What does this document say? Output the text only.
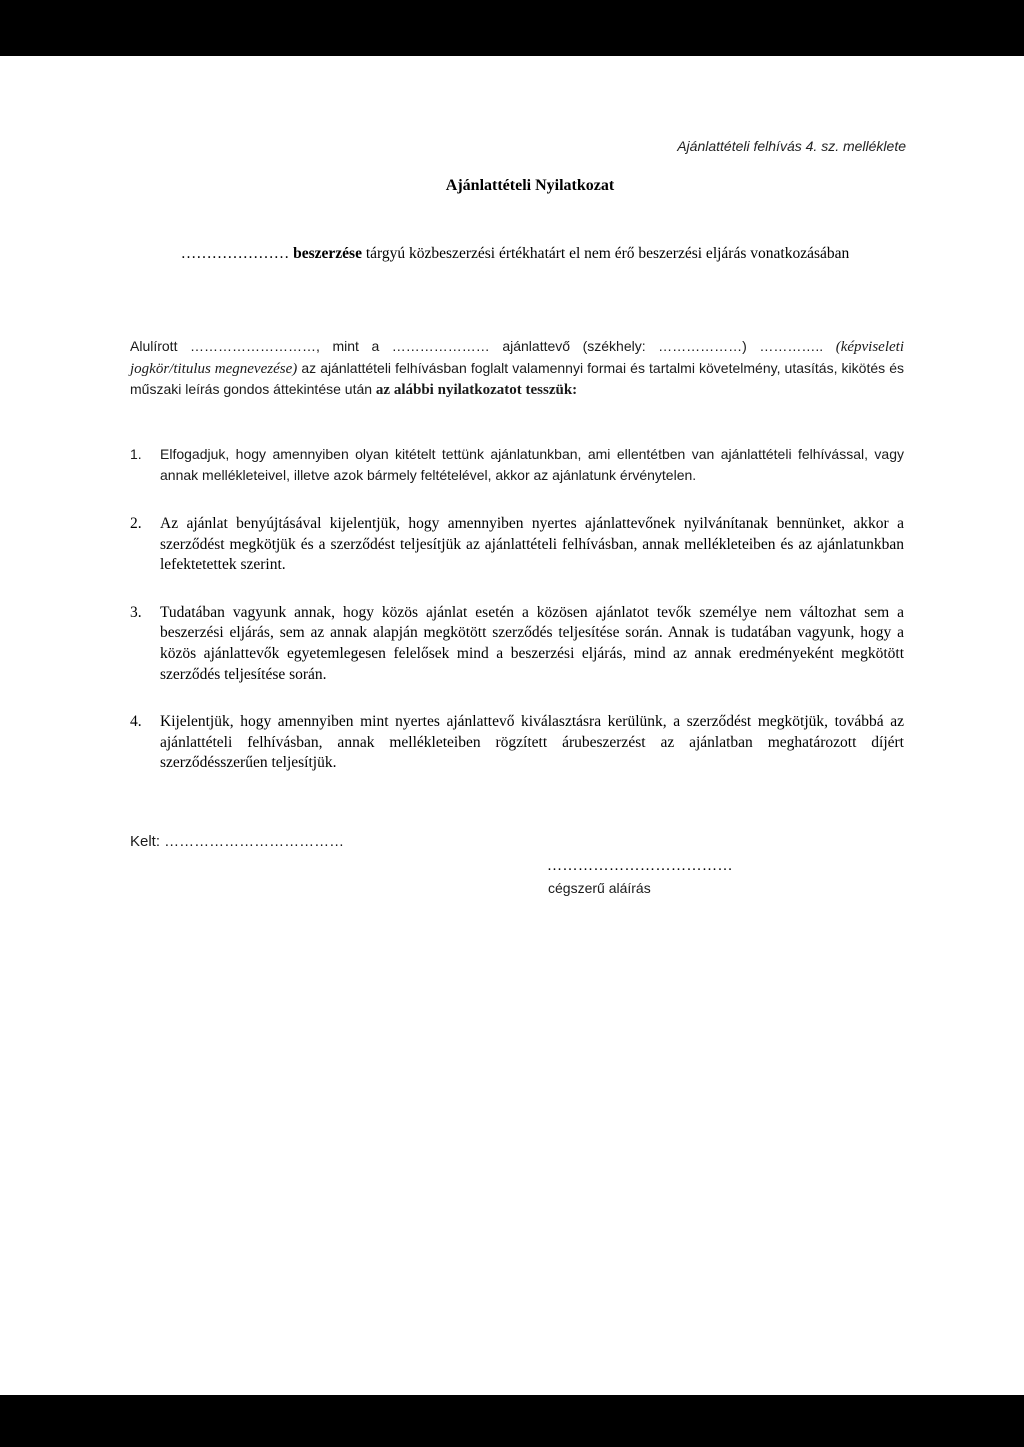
Ajánlattételi felhívás 4. sz. melléklete
Ajánlattételi Nyilatkozat
………………… beszerzése tárgyú közbeszerzési értékhatárt el nem érő beszerzési eljárás vonatkozásában
Alulírott ………………………, mint a ………………… ajánlattevő (székhely: ………………) ………….. (képviseleti jogkör/titulus megnevezése) az ajánlattételi felhívásban foglalt valamennyi formai és tartalmi követelmény, utasítás, kikötés és műszaki leírás gondos áttekintése után az alábbi nyilatkozatot tesszük:
1. Elfogadjuk, hogy amennyiben olyan kitételt tettünk ajánlatunkban, ami ellentétben van ajánlattételi felhívással, vagy annak mellékleteivel, illetve azok bármely feltételével, akkor az ajánlatunk érvénytelen.
2. Az ajánlat benyújtásával kijelentjük, hogy amennyiben nyertes ajánlattevőnek nyilvánítanak bennünket, akkor a szerződést megkötjük és a szerződést teljesítjük az ajánlattételi felhívásban, annak mellékleteiben és az ajánlatunkban lefektetettek szerint.
3. Tudatában vagyunk annak, hogy közös ajánlat esetén a közösen ajánlatot tevők személye nem változhat sem a beszerzési eljárás, sem az annak alapján megkötött szerződés teljesítése során. Annak is tudatában vagyunk, hogy a közös ajánlattevők egyetemlegesen felelősek mind a beszerzési eljárás, mind az annak eredményeként megkötött szerződés teljesítése során.
4. Kijelentjük, hogy amennyiben mint nyertes ajánlattevő kiválasztásra kerülünk, a szerződést megkötjük, továbbá az ajánlattételi felhívásban, annak mellékleteiben rögzített árubeszerzést az ajánlatban meghatározott díjért szerződésszerűen teljesítjük.
Kelt: ………………………………
………………………………
cégszerű aláírás
